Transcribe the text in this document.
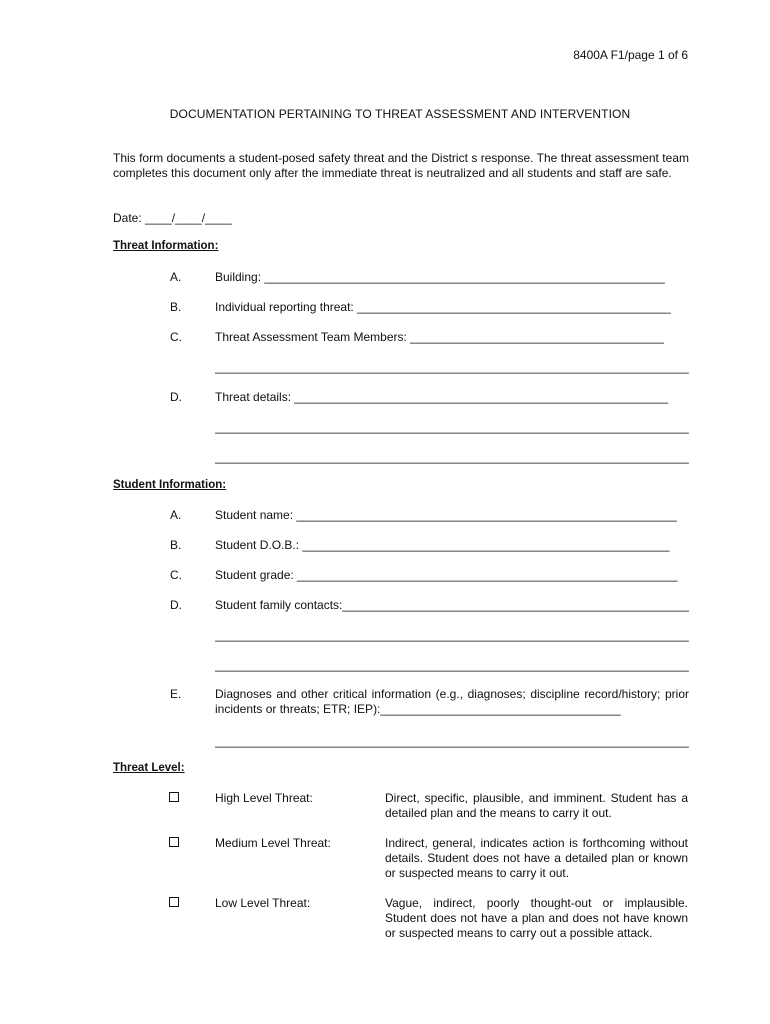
8400A F1/page 1 of 6
DOCUMENTATION PERTAINING TO THREAT ASSESSMENT AND INTERVENTION
This form documents a student-posed safety threat and the District s response. The threat assessment team completes this document only after the immediate threat is neutralized and all students and staff are safe.
Date: ____/____/____
Threat Information:
A.	Building: ____________________________________________________________
B.	Individual reporting threat: _______________________________________________
C.	Threat Assessment Team Members: ______________________________________
_______________________________________________________________________
D.	Threat details: ________________________________________________________
_______________________________________________________________________
_______________________________________________________________________
Student Information:
A.	Student name: _________________________________________________________
B.	Student D.O.B.: _______________________________________________________
C.	Student grade: _________________________________________________________
D.	Student family contacts:____________________________________________________
_______________________________________________________________________
_______________________________________________________________________
E.	Diagnoses and other critical information (e.g., diagnoses; discipline record/history; prior incidents or threats; ETR; IEP):____________________________________
_______________________________________________________________________
Threat Level:
High Level Threat:	Direct, specific, plausible, and imminent. Student has a detailed plan and the means to carry it out.
Medium Level Threat:	Indirect, general, indicates action is forthcoming without details. Student does not have a detailed plan or known or suspected means to carry it out.
Low Level Threat:	Vague, indirect, poorly thought-out or implausible. Student does not have a plan and does not have known or suspected means to carry out a possible attack.
